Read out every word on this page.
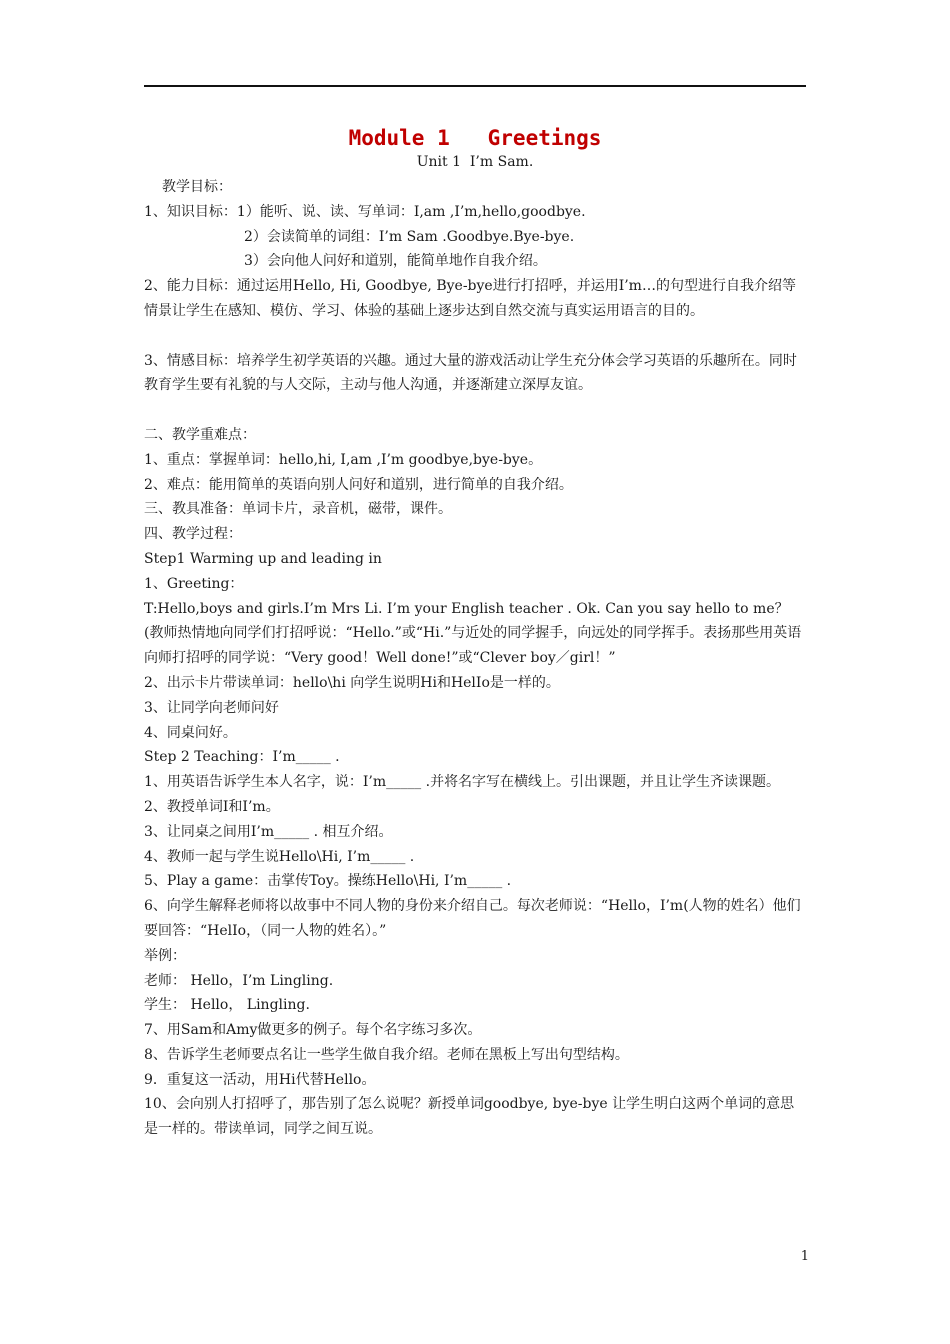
Module 1   Greetings
Unit 1  I’m Sam.

教学目标：

1、知识目标：1）能听、说、读、写单词：I,am ,I’m,hello,goodbye.

2）会读简单的词组：I’m Sam .Goodbye.Bye-bye.

3）会向他人问好和道别，能简单地作自我介绍。

2、能力目标：通过运用Hello, Hi, Goodbye, Bye-bye进行打招呼，并运用I’m…的句型进行自我介绍等情景让学生在感知、模仿、学习、体验的基础上逐步达到自然交流与真实运用语言的目的。

3、情感目标：培养学生初学英语的兴趣。通过大量的游戏活动让学生充分体会学习英语的乐趣所在。同时教育学生要有礼貌的与人交际，主动与他人沟通，并逐渐建立深厚友谊。

二、教学重难点：

1、重点：掌握单词：hello,hi, I,am ,I’m goodbye,bye-bye。

2、难点：能用简单的英语向别人问好和道别，进行简单的自我介绍。

三、教具准备：单词卡片，录音机，磁带，课件。

四、教学过程：

Step1 Warming up and leading in

1、Greeting：

T:Hello,boys and girls.I’m Mrs Li. I’m your English teacher . Ok. Can you say hello to me？(教师热情地向同学们打招呼说：“Hello.”或“Hi.”与近处的同学握手，向远处的同学挥手。表扬那些用英语向师打招呼的同学说：“Very good！Well done!”或“Clever boy／girl！”

2、出示卡片带读单词：hello\hi 向学生说明Hi和HelIo是一样的。

3、让同学向老师问好

4、同桌问好。

Step 2 Teaching：I’m_____ .

1、用英语告诉学生本人名字，说：I’m_____ .并将名字写在横线上。引出课题，并且让学生齐读课题。

2、教授单词I和I’m。

3、让同桌之间用I’m_____ . 相互介绍。

4、教师一起与学生说Hello\Hi, I’m_____ .

5、Play a game：击掌传Toy。操练Hello\Hi, I’m_____ .

6、向学生解释老师将以故事中不同人物的身份来介绍自己。每次老师说：“Hello，I’m(人物的姓名）他们要回答：“HelIo，（同一人物的姓名）。”

举例：

老师： Hello，I’m Lingling.

学生： Hello， Lingling.

7、用Sam和Amy做更多的例子。每个名字练习多次。

8、告诉学生老师要点名让一些学生做自我介绍。老师在黑板上写出句型结构。

9．重复这一活动，用Hi代替Hello。

10、会向别人打招呼了，那告别了怎么说呢？新授单词goodbye, bye-bye 让学生明白这两个单词的意思是一样的。带读单词，同学之间互说。

1
